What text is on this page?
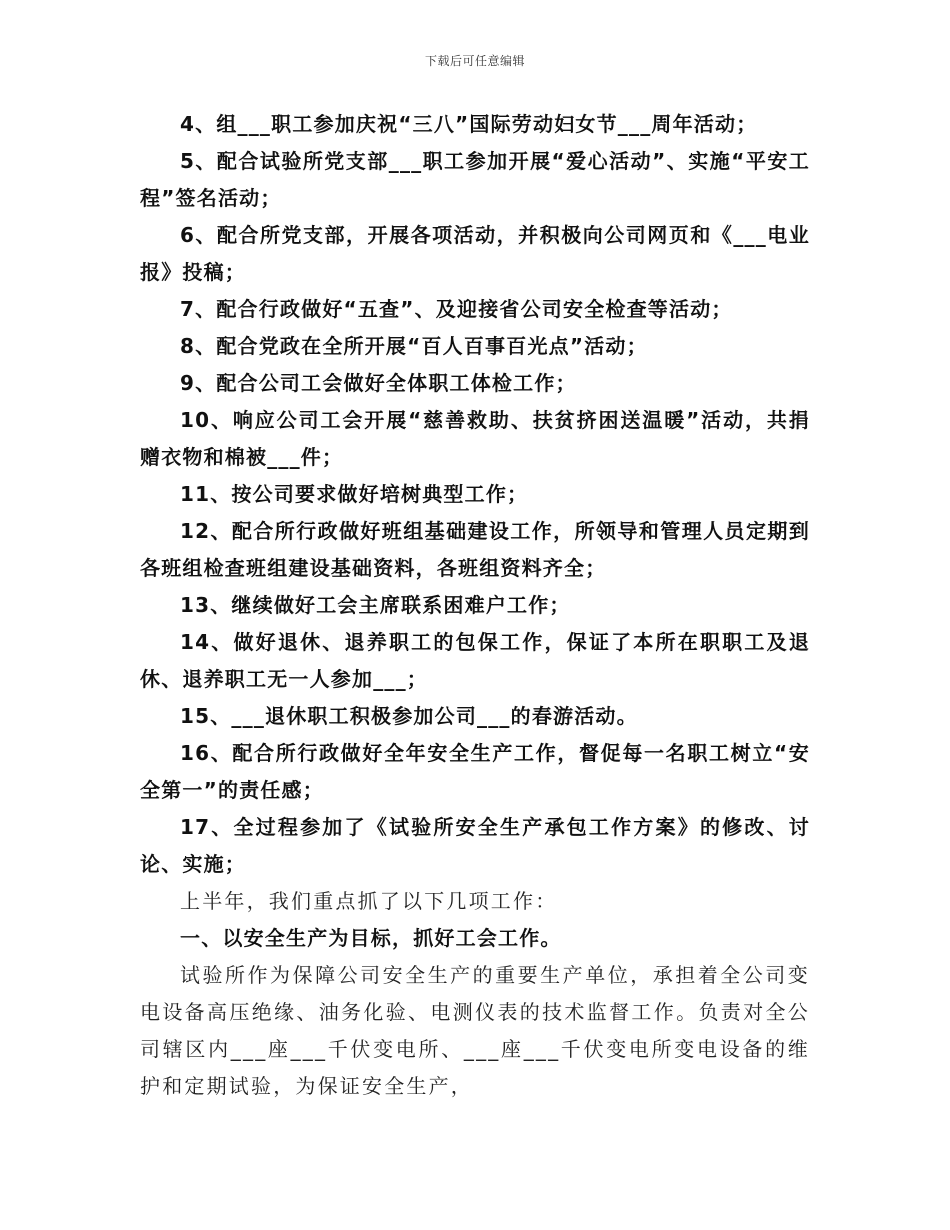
下载后可任意编辑

4、组___职工参加庆祝“三八”国际劳动妇女节___周年活动；

5、配合试验所党支部___职工参加开展“爱心活动”、实施“平安工程”签名活动；

6、配合所党支部，开展各项活动，并积极向公司网页和《___电业报》投稿；

7、配合行政做好“五查”、及迎接省公司安全检查等活动；

8、配合党政在全所开展“百人百事百光点”活动；

9、配合公司工会做好全体职工体检工作；

10、响应公司工会开展“慈善救助、扶贫挤困送温暖”活动，共捐赠衣物和棉被___件；

11、按公司要求做好培树典型工作；

12、配合所行政做好班组基础建设工作，所领导和管理人员定期到各班组检查班组建设基础资料，各班组资料齐全；

13、继续做好工会主席联系困难户工作；

14、做好退休、退养职工的包保工作，保证了本所在职职工及退休、退养职工无一人参加___；

15、___退休职工积极参加公司___的春游活动。

16、配合所行政做好全年安全生产工作，督促每一名职工树立“安全第一”的责任感；

17、全过程参加了《试验所安全生产承包工作方案》的修改、讨论、实施；

上半年，我们重点抓了以下几项工作：

一、以安全生产为目标，抓好工会工作。

试验所作为保障公司安全生产的重要生产单位，承担着全公司变电设备高压绝缘、油务化验、电测仪表的技术监督工作。负责对全公司辖区内___座___千伏变电所、___座___千伏变电所变电设备的维护和定期试验，为保证安全生产，
